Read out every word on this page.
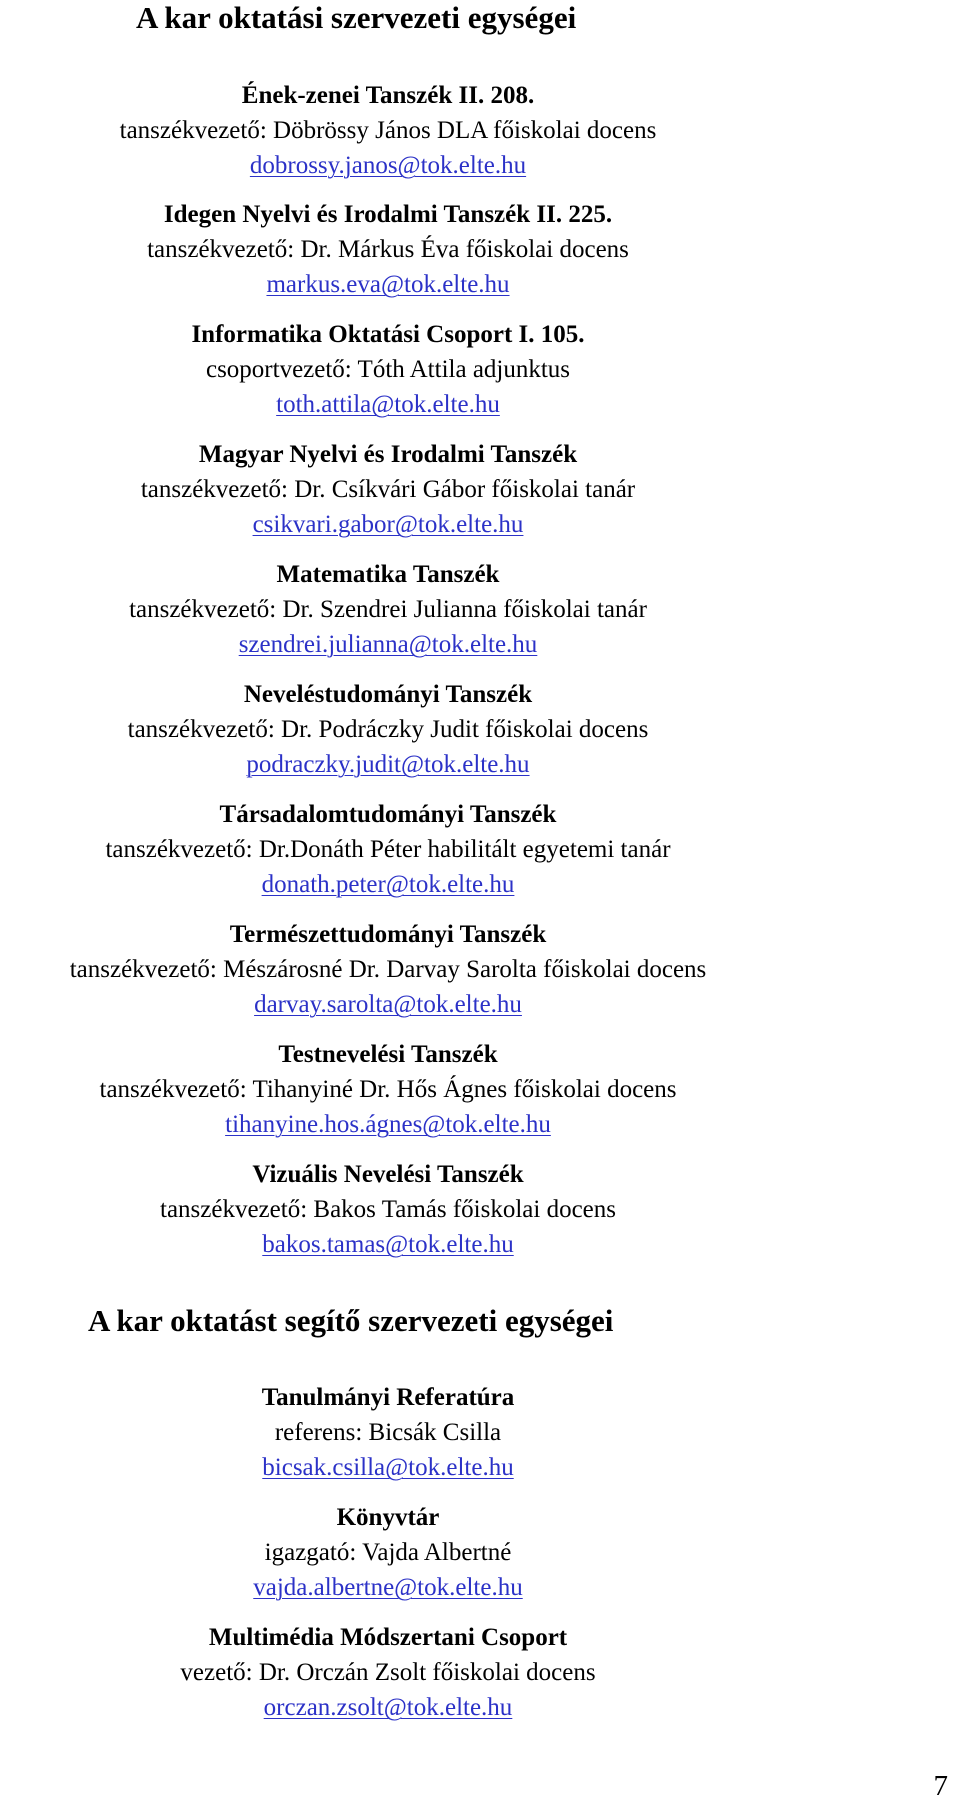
A kar oktatási szervezeti egységei
Ének-zenei Tanszék II. 208.
tanszékvezető: Döbrössy János DLA főiskolai docens
dobrossy.janos@tok.elte.hu
Idegen Nyelvi és Irodalmi Tanszék II. 225.
tanszékvezető: Dr. Márkus Éva főiskolai docens
markus.eva@tok.elte.hu
Informatika Oktatási Csoport I. 105.
csoportvezető: Tóth Attila adjunktus
toth.attila@tok.elte.hu
Magyar Nyelvi és Irodalmi Tanszék
tanszékvezető: Dr. Csíkvári Gábor főiskolai tanár
csikvari.gabor@tok.elte.hu
Matematika Tanszék
tanszékvezető: Dr. Szendrei Julianna főiskolai tanár
szendrei.julianna@tok.elte.hu
Neveléstudományi Tanszék
tanszékvezető: Dr. Podráczky Judit főiskolai docens
podraczky.judit@tok.elte.hu
Társadalomtudományi Tanszék
tanszékvezető: Dr.Donáth Péter habilitált egyetemi tanár
donath.peter@tok.elte.hu
Természettudományi Tanszék
tanszékvezető: Mészárosné Dr. Darvay Sarolta főiskolai docens
darvay.sarolta@tok.elte.hu
Testnevelési Tanszék
tanszékvezető: Tihanyiné Dr. Hős Ágnes főiskolai docens
tihanyine.hos.ágnes@tok.elte.hu
Vizuális Nevelési Tanszék
tanszékvezető: Bakos Tamás főiskolai docens
bakos.tamas@tok.elte.hu
A kar oktatást segítő szervezeti egységei
Tanulmányi Referatúra
referens: Bicsák Csilla
bicsak.csilla@tok.elte.hu
Könyvtár
igazgató: Vajda Albertné
vajda.albertne@tok.elte.hu
Multimédia Módszertani Csoport
vezető: Dr. Orczán Zsolt főiskolai docens
orczan.zsolt@tok.elte.hu
7
